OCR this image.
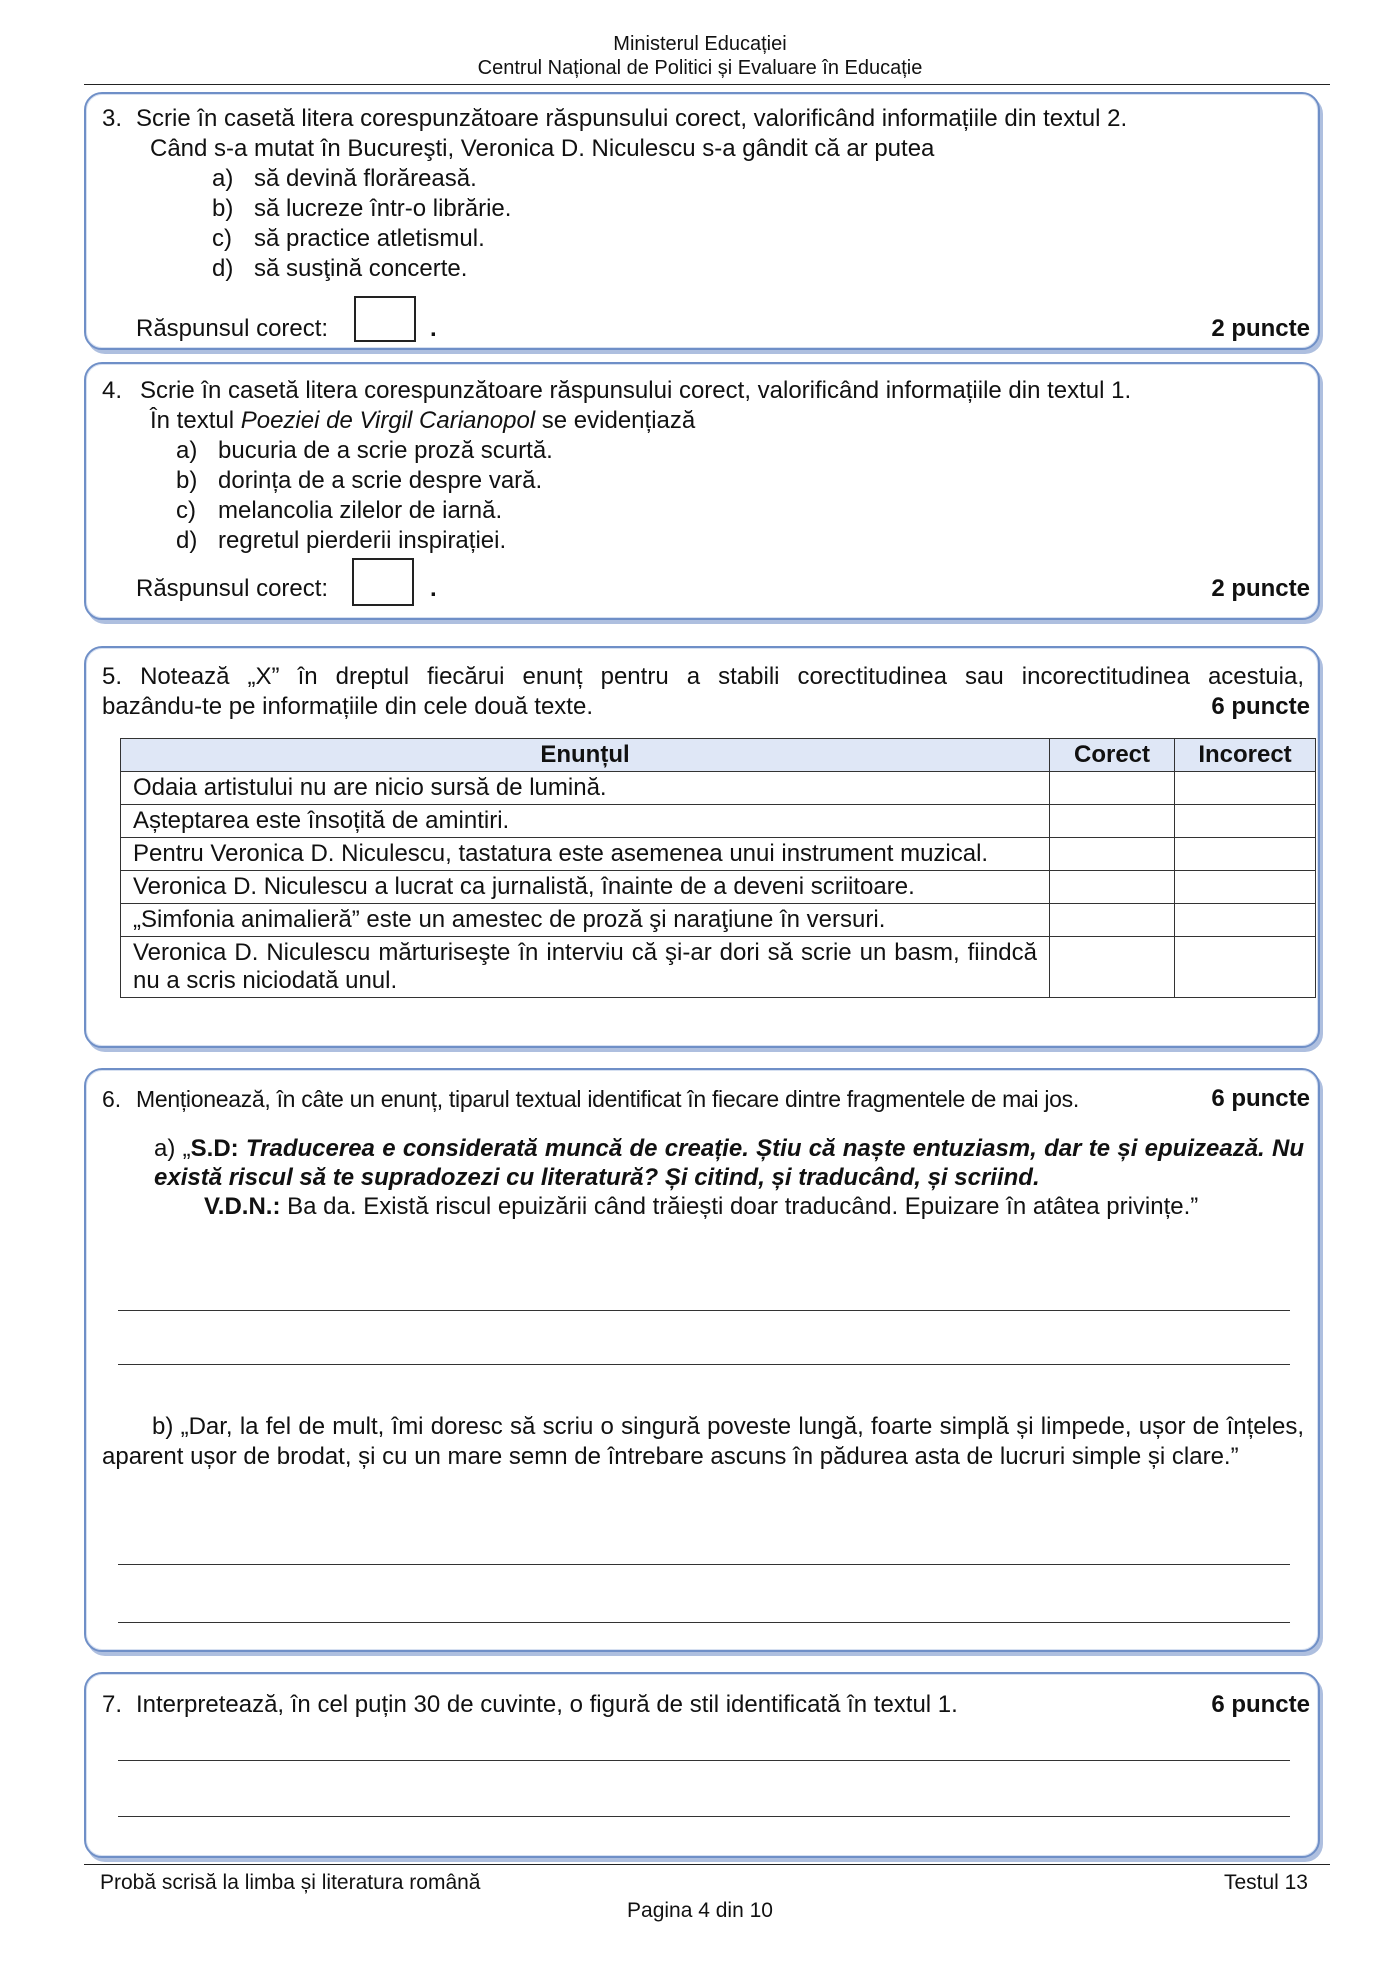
Ministerul Educației
Centrul Național de Politici și Evaluare în Educație
3. Scrie în casetă litera corespunzătoare răspunsului corect, valorificând informațiile din textul 2.
Când s-a mutat în Bucureşti, Veronica D. Niculescu s-a gândit că ar putea
a) să devină florăreasă.
b) să lucreze într-o librărie.
c) să practice atletismul.
d) să susţină concerte.
Răspunsul corect:	.	2 puncte
4. Scrie în casetă litera corespunzătoare răspunsului corect, valorificând informațiile din textul 1.
În textul Poeziei de Virgil Carianopol se evidențiază
a) bucuria de a scrie proză scurtă.
b) dorința de a scrie despre vară.
c) melancolia zilelor de iarnă.
d) regretul pierderii inspirației.
Răspunsul corect:	.	2 puncte
5. Notează „X” în dreptul fiecărui enunț pentru a stabili corectitudinea sau incorectitudinea acestuia,
bazându-te pe informațiile din cele două texte.	6 puncte
Enunțul	Corect	Incorect
Odaia artistului nu are nicio sursă de lumină.		
Așteptarea este însoțită de amintiri.		
Pentru Veronica D. Niculescu, tastatura este asemenea unui instrument muzical.		
Veronica D. Niculescu a lucrat ca jurnalistă, înainte de a deveni scriitoare.		
„Simfonia animalieră” este un amestec de proză şi naraţiune în versuri.		
Veronica D. Niculescu mărturiseşte în interviu că şi-ar dori să scrie un basm, fiindcă nu a scris niciodată unul.		
6. Menționează, în câte un enunț, tiparul textual identificat în fiecare dintre fragmentele de mai jos.	6 puncte
a) „S.D: Traducerea e considerată muncă de creație. Știu că naște entuziasm, dar te și epuizează. Nu există riscul să te supradozezi cu literatură? Și citind, și traducând, și scriind.
V.D.N.: Ba da. Există riscul epuizării când trăiești doar traducând. Epuizare în atâtea privințe.”
b) „Dar, la fel de mult, îmi doresc să scriu o singură poveste lungă, foarte simplă și limpede, ușor de înțeles, aparent ușor de brodat, și cu un mare semn de întrebare ascuns în pădurea asta de lucruri simple și clare.”
7. Interpretează, în cel puțin 30 de cuvinte, o figură de stil identificată în textul 1.	6 puncte
Probă scrisă la limba și literatura română	Testul 13
Pagina 4 din 10
